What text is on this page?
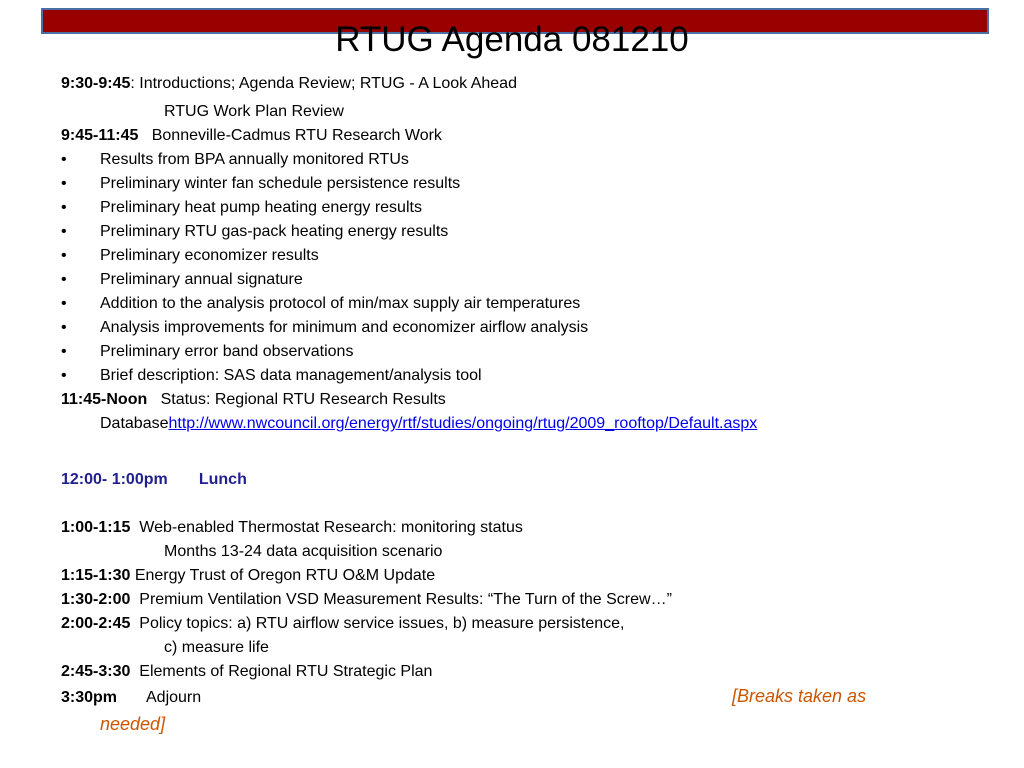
RTUG Agenda 081210
9:30-9:45: Introductions; Agenda Review; RTUG - A Look Ahead
RTUG Work Plan Review
9:45-11:45 Bonneville-Cadmus RTU Research Work
• Results from BPA annually monitored RTUs
• Preliminary winter fan schedule persistence results
• Preliminary heat pump heating energy results
• Preliminary RTU gas-pack heating energy results
• Preliminary economizer results
• Preliminary annual signature
• Addition to the analysis protocol of min/max supply air temperatures
• Analysis improvements for minimum and economizer airflow analysis
• Preliminary error band observations
• Brief description: SAS data management/analysis tool
11:45-Noon Status: Regional RTU Research Results
Databasehttp://www.nwcouncil.org/energy/rtf/studies/ongoing/rtug/2009_rooftop/Default.aspx
12:00- 1:00pm Lunch
1:00-1:15 Web-enabled Thermostat Research: monitoring status
Months 13-24 data acquisition scenario
1:15-1:30 Energy Trust of Oregon RTU O&M Update
1:30-2:00 Premium Ventilation VSD Measurement Results: “The Turn of the Screw…”
2:00-2:45 Policy topics: a) RTU airflow service issues, b) measure persistence,
c) measure life
2:45-3:30 Elements of Regional RTU Strategic Plan
3:30pm Adjourn	[Breaks taken as
needed]
